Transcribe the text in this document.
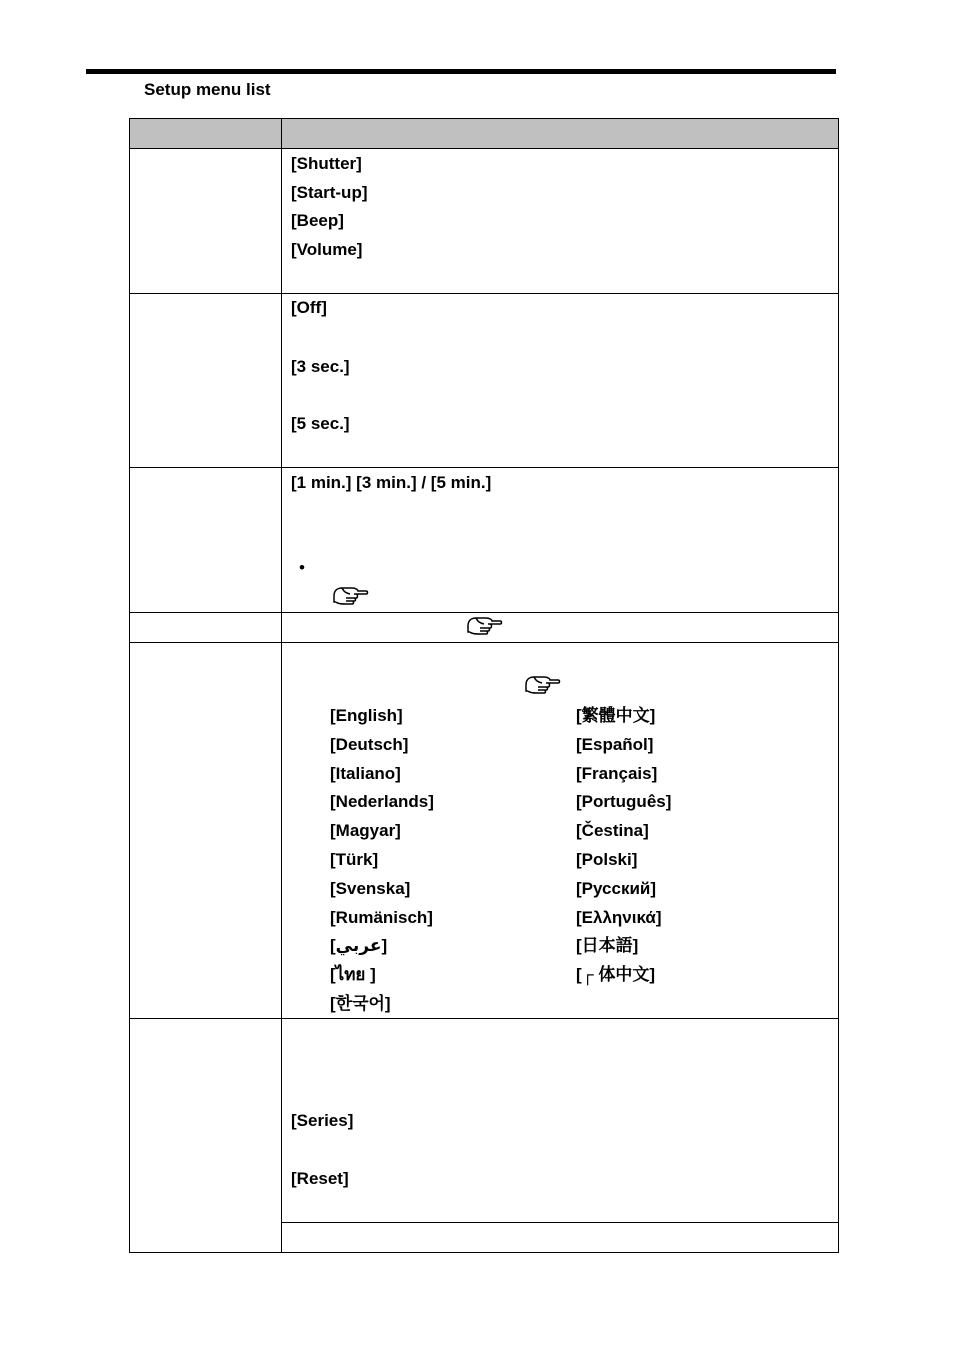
Setup menu list
[Shutter]
[Start-up]
[Beep]
[Volume]
[Off]
[3 sec.]
[5 sec.]
[1 min.] [3 min.] / [5 min.]
•
[English]
[Deutsch]
[Italiano]
[Nederlands]
[Magyar]
[Türk]
[Svenska]
[Rumänisch]
[عربي]
[ไทย ]
[한국어]
[繁體中文]
[Español]
[Français]
[Português]
[Čestina]
[Polski]
[Русский]
[Ελληνικά]
[日本語]
[┌ 体中文]
[Series]
[Reset]
